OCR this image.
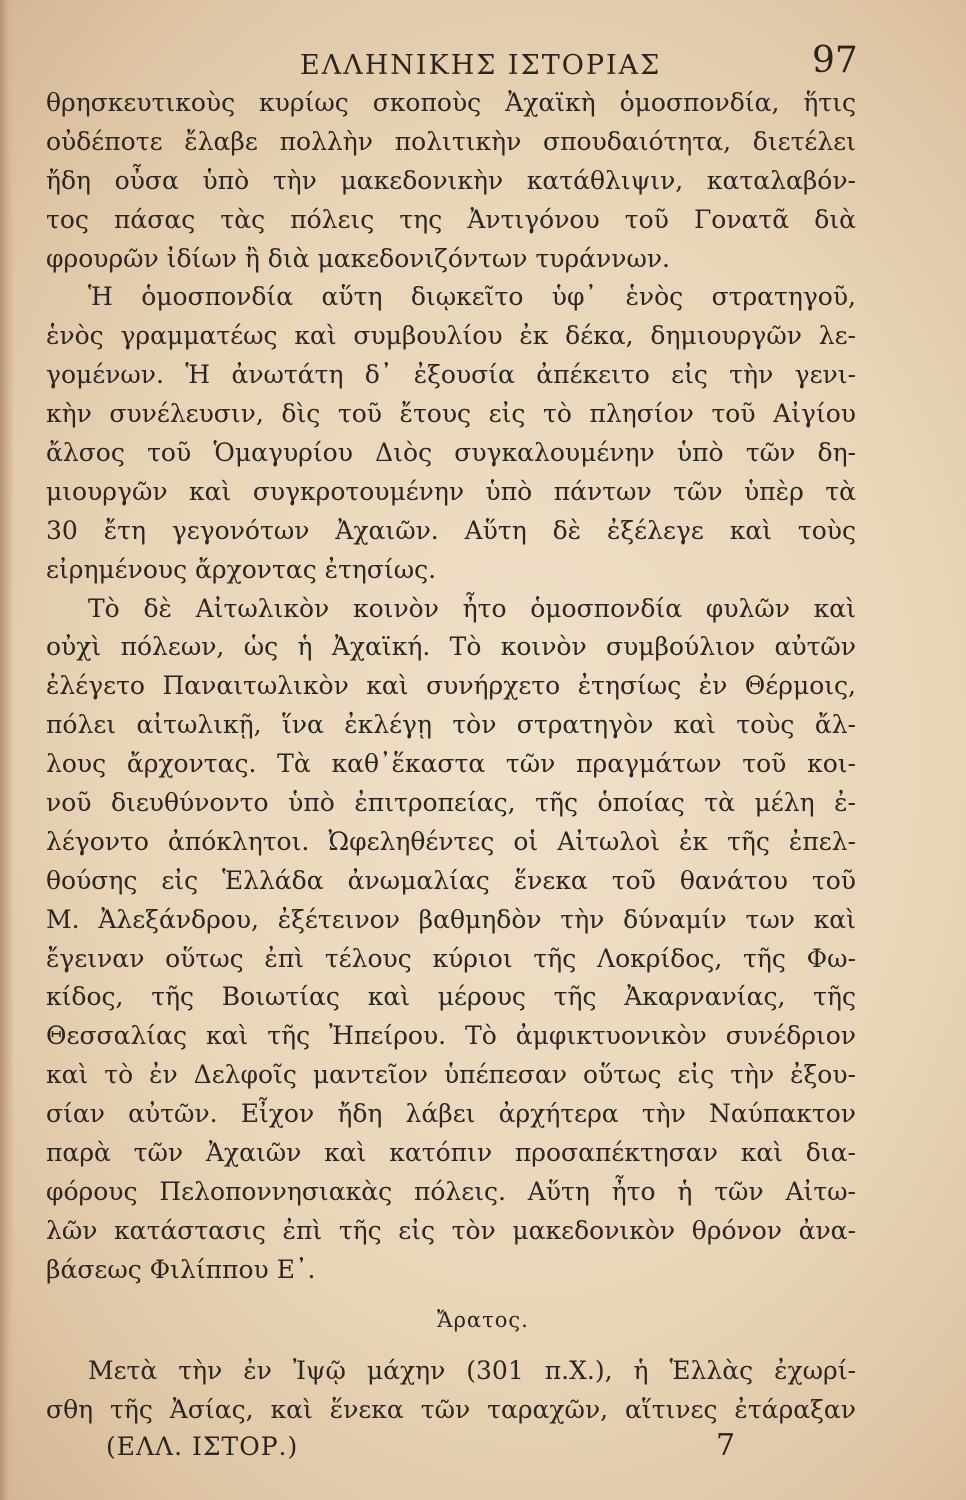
ΕΛΛΗΝΙΚΗΣ ΙΣΤΟΡΙΑΣ	97
θρησκευτικοὺς κυρίως σκοποὺς Ἀχαϊκὴ ὁμοσπονδία, ἥτις
οὐδέποτε ἔλαβε πολλὴν πολιτικὴν σπουδαιότητα, διετέλει
ἤδη οὖσα ὑπὸ τὴν μακεδονικὴν κατάθλιψιν, καταλαβόν-
τος πάσας τὰς πόλεις της Ἀντιγόνου τοῦ Γονατᾶ διὰ
φρουρῶν ἰδίων ἢ διὰ μακεδονιζόντων τυράννων.
Ἡ ὁμοσπονδία αὕτη διῳκεῖτο ὑφ᾽ ἑνὸς στρατηγοῦ,
ἑνὸς γραμματέως καὶ συμβουλίου ἐκ δέκα, δημιουργῶν λε-
γομένων. Ἡ ἀνωτάτη δ᾽ ἐξουσία ἀπέκειτο εἰς τὴν γενι-
κὴν συνέλευσιν, δὶς τοῦ ἔτους εἰς τὸ πλησίον τοῦ Αἰγίου
ἄλσος τοῦ Ὁμαγυρίου Διὸς συγκαλουμένην ὑπὸ τῶν δη-
μιουργῶν καὶ συγκροτουμένην ὑπὸ πάντων τῶν ὑπὲρ τὰ
30 ἔτη γεγονότων Ἀχαιῶν. Αὕτη δὲ ἐξέλεγε καὶ τοὺς
εἰρημένους ἄρχοντας ἐτησίως.
Τὸ δὲ Αἰτωλικὸν κοινὸν ἦτο ὁμοσπονδία φυλῶν καὶ
οὐχὶ πόλεων, ὡς ἡ Ἀχαϊκή. Τὸ κοινὸν συμβούλιον αὐτῶν
ἐλέγετο Παναιτωλικὸν καὶ συνήρχετο ἐτησίως ἐν Θέρμοις,
πόλει αἰτωλικῇ, ἵνα ἐκλέγῃ τὸν στρατηγὸν καὶ τοὺς ἄλ-
λους ἄρχοντας. Τὰ καθ᾽ἕκαστα τῶν πραγμάτων τοῦ κοι-
νοῦ διευθύνοντο ὑπὸ ἐπιτροπείας, τῆς ὁποίας τὰ μέλη ἐ-
λέγοντο ἀπόκλητοι. Ὠφεληθέντες οἱ Αἰτωλοὶ ἐκ τῆς ἐπελ-
θούσης εἰς Ἑλλάδα ἀνωμαλίας ἕνεκα τοῦ θανάτου τοῦ
Μ. Ἀλεξάνδρου, ἐξέτεινον βαθμηδὸν τὴν δύναμίν των καὶ
ἔγειναν οὕτως ἐπὶ τέλους κύριοι τῆς Λοκρίδος, τῆς Φω-
κίδος, τῆς Βοιωτίας καὶ μέρους τῆς Ἀκαρνανίας, τῆς
Θεσσαλίας καὶ τῆς Ἠπείρου. Τὸ ἀμφικτυονικὸν συνέδριον
καὶ τὸ ἐν Δελφοῖς μαντεῖον ὑπέπεσαν οὕτως εἰς τὴν ἐξου-
σίαν αὐτῶν. Εἶχον ἤδη λάβει ἀρχήτερα τὴν Ναύπακτον
παρὰ τῶν Ἀχαιῶν καὶ κατόπιν προσαπέκτησαν καὶ δια-
φόρους Πελοποννησιακὰς πόλεις. Αὕτη ἦτο ἡ τῶν Αἰτω-
λῶν κατάστασις ἐπὶ τῆς εἰς τὸν μακεδονικὸν θρόνον ἀνα-
βάσεως Φιλίππου Ε᾽.
Ἄρατος.
Μετὰ τὴν ἐν Ἰψῷ μάχην (301 π.Χ.), ἡ Ἑλλὰς ἐχωρί-
σθη τῆς Ἀσίας, καὶ ἕνεκα τῶν ταραχῶν, αἵτινες ἐτάραξαν
(ΕΛΛ. ΙΣΤΟΡ.)	7
